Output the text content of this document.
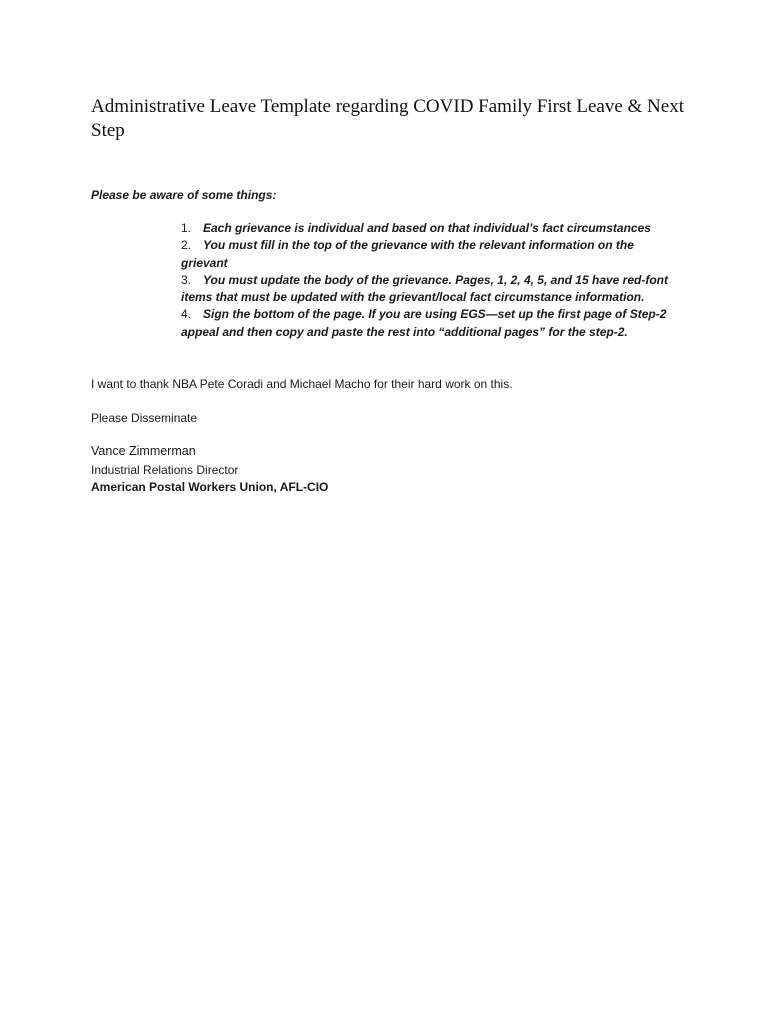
Administrative Leave Template regarding COVID Family First Leave & Next Step
Please be aware of some things:

1. Each grievance is individual and based on that individual’s fact circumstances

2. You must fill in the top of the grievance with the relevant information on the grievant

3. You must update the body of the grievance. Pages, 1, 2, 4, 5, and 15 have red-font items that must be updated with the grievant/local fact circumstance information.

4. Sign the bottom of the page. If you are using EGS—set up the first page of Step-2 appeal and then copy and paste the rest into “additional pages” for the step-2.

I want to thank NBA Pete Coradi and Michael Macho for their hard work on this.
Please Disseminate
Vance Zimmerman
Industrial Relations Director
American Postal Workers Union, AFL-CIO
